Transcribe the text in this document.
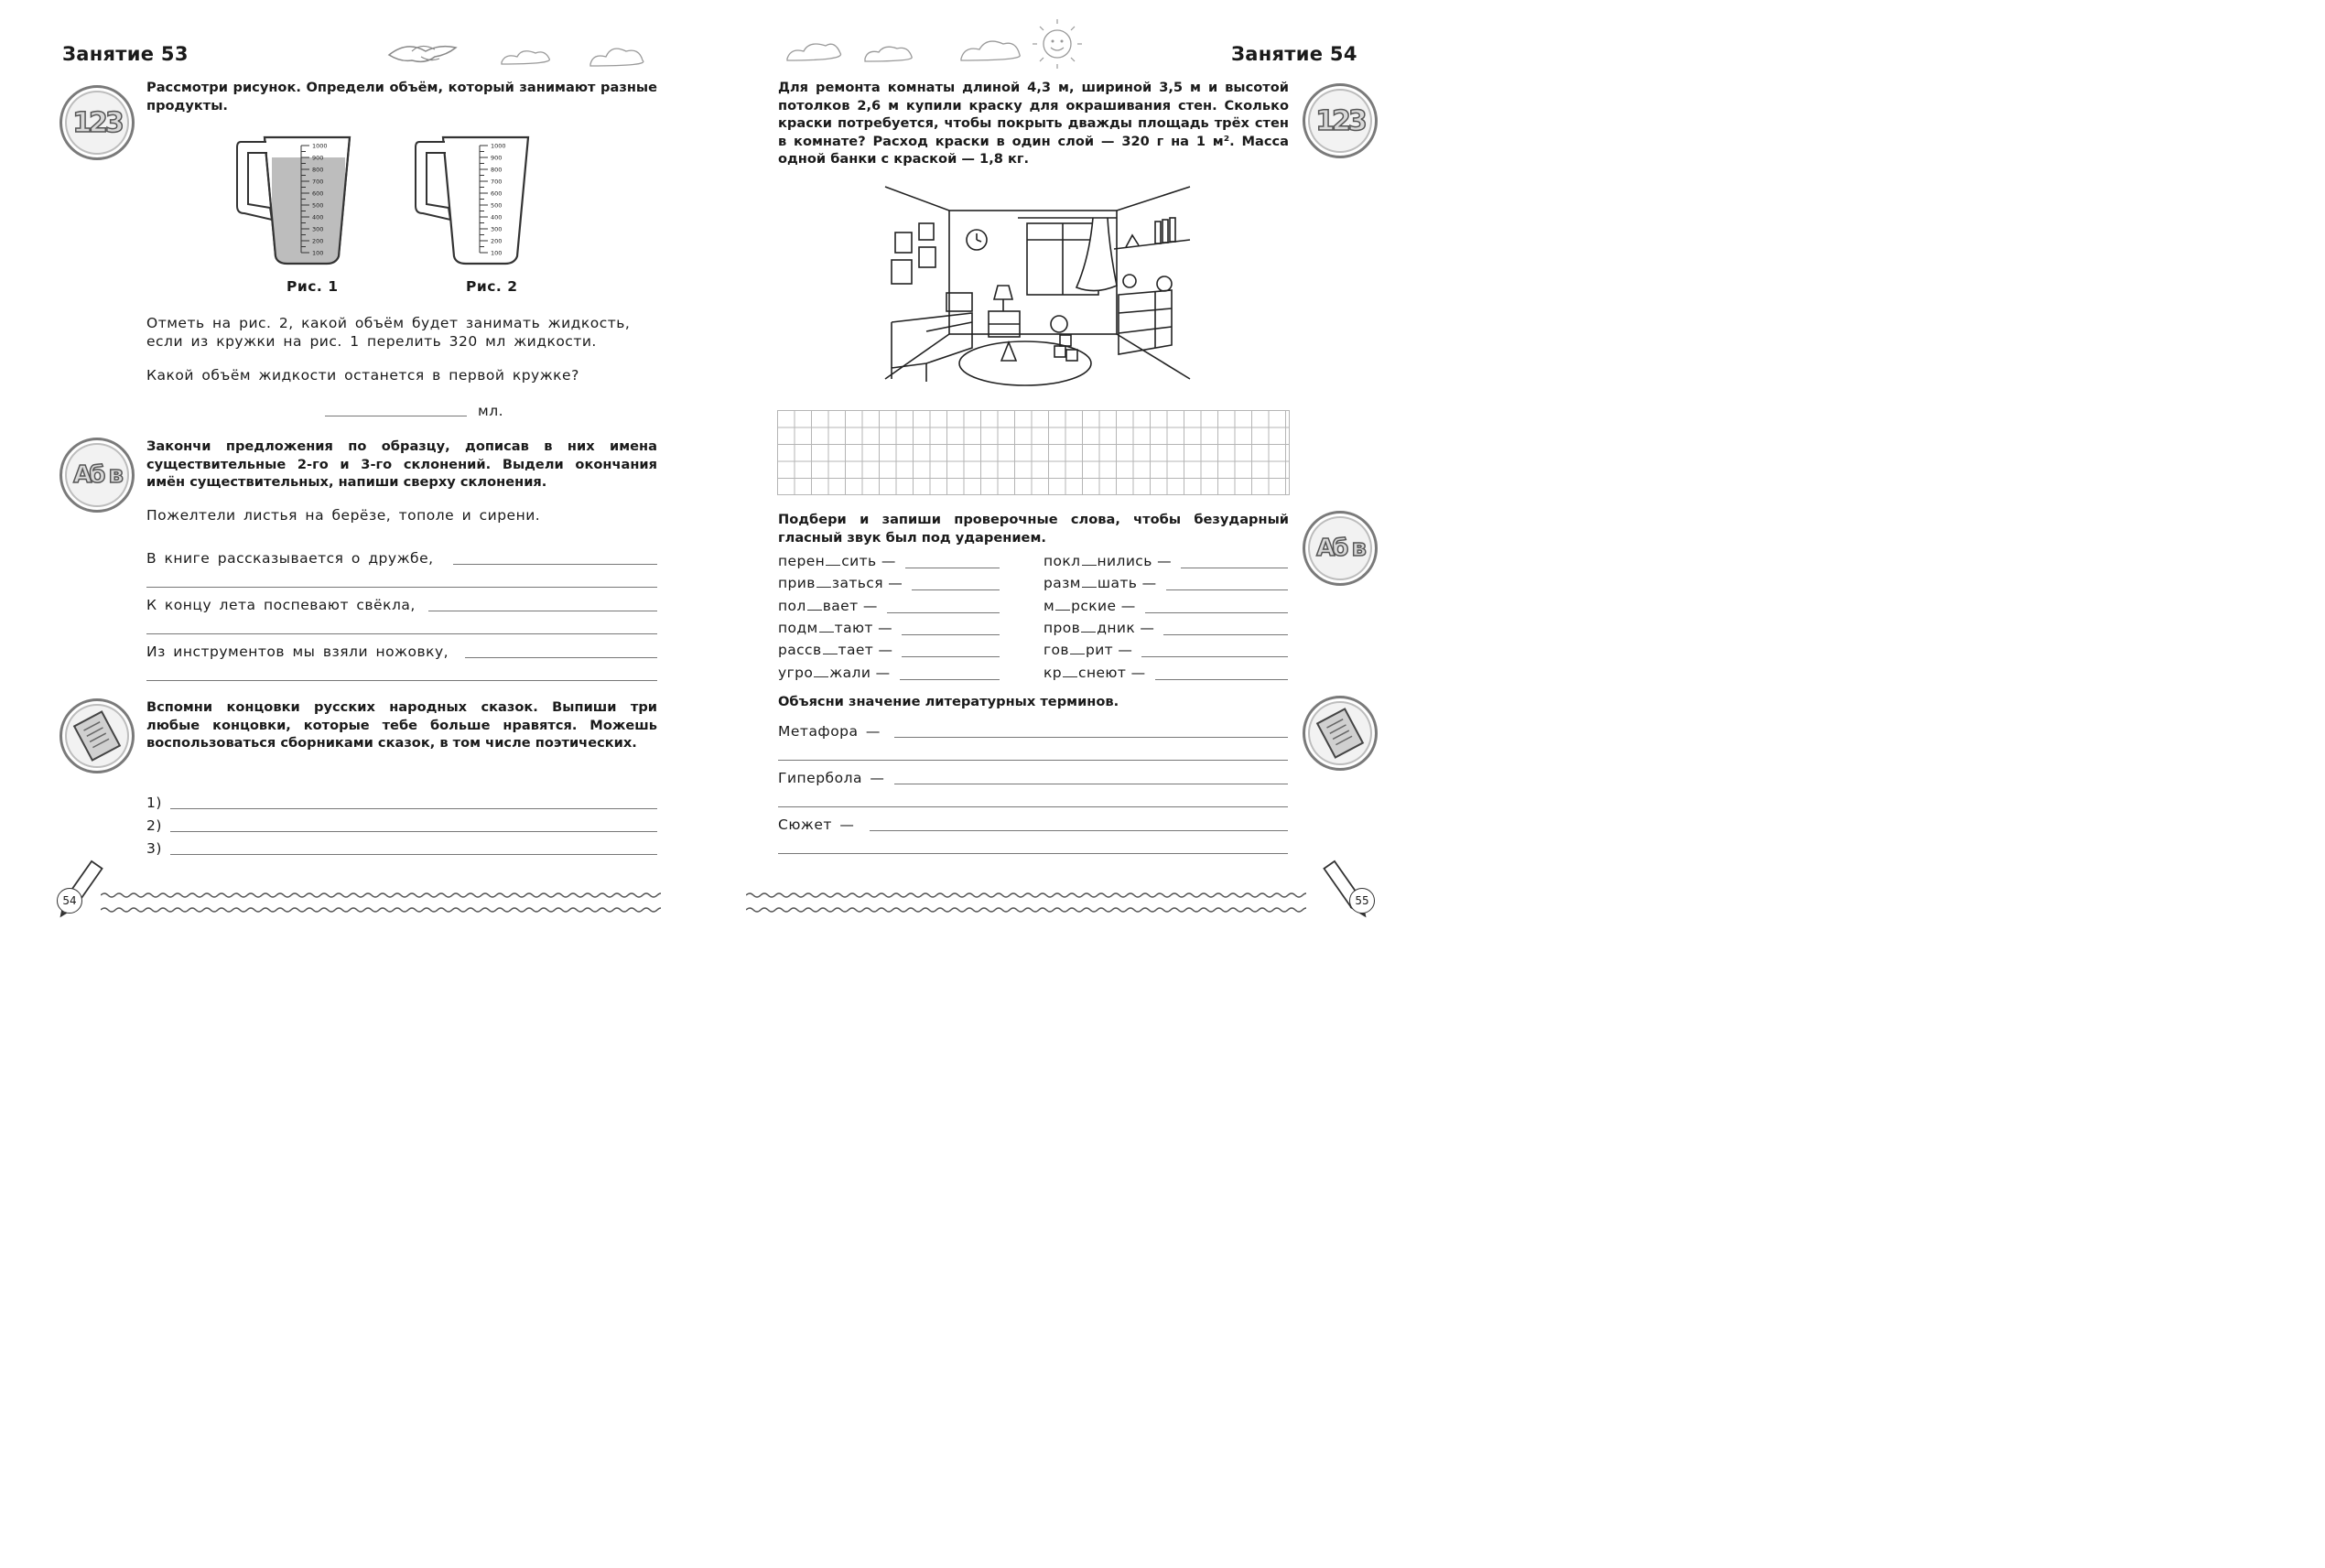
Занятие 53
123
Рассмотри рисунок. Определи объём, который занимают разные продукты.
1000
900
800
700
600
500
400
300
200
100
Рис. 1
1000
900
800
700
600
500
400
300
200
100
Рис. 2
Отметь на рис. 2, какой объём будет занимать жидкость, если из кружки на рис. 1 перелить 320 мл жидкости.
Какой объём жидкости останется в первой кружке?
мл.
Аб в
Закончи предложения по образцу, дописав в них имена существительные 2-го и 3-го склонений. Выдели окончания имён существительных, напиши сверху склонения.
Пожелтели листья на берёзе, тополе и сирени.
В книге рассказывается о дружбе,
К концу лета поспевают свёкла,
Из инструментов мы взяли ножовку,
Вспомни концовки русских народных сказок. Выпиши три любые концовки, которые тебе больше нравятся. Можешь воспользоваться сборниками сказок, в том числе поэтических.
1)
2)
3)
54
Занятие 54
Для ремонта комнаты длиной 4,3 м, шириной 3,5 м и высотой потолков 2,6 м купили краску для окрашивания стен. Сколько краски потребуется, чтобы покрыть дважды площадь трёх стен в комнате? Расход краски в один слой — 320 г на 1 м². Масса одной банки с краской — 1,8 кг.
123
Подбери и запиши проверочные слова, чтобы безударный гласный звук был под ударением.	Аб в
перен сить —
прив заться —
пол вает —
подм тают —
рассв тает —
угро жали —
покл нились —
разм шать —
м рские —
пров дник —
гов рит —
кр снеют —
Объясни значение литературных терминов.
Метафора —
Гипербола —
Сюжет —
55
